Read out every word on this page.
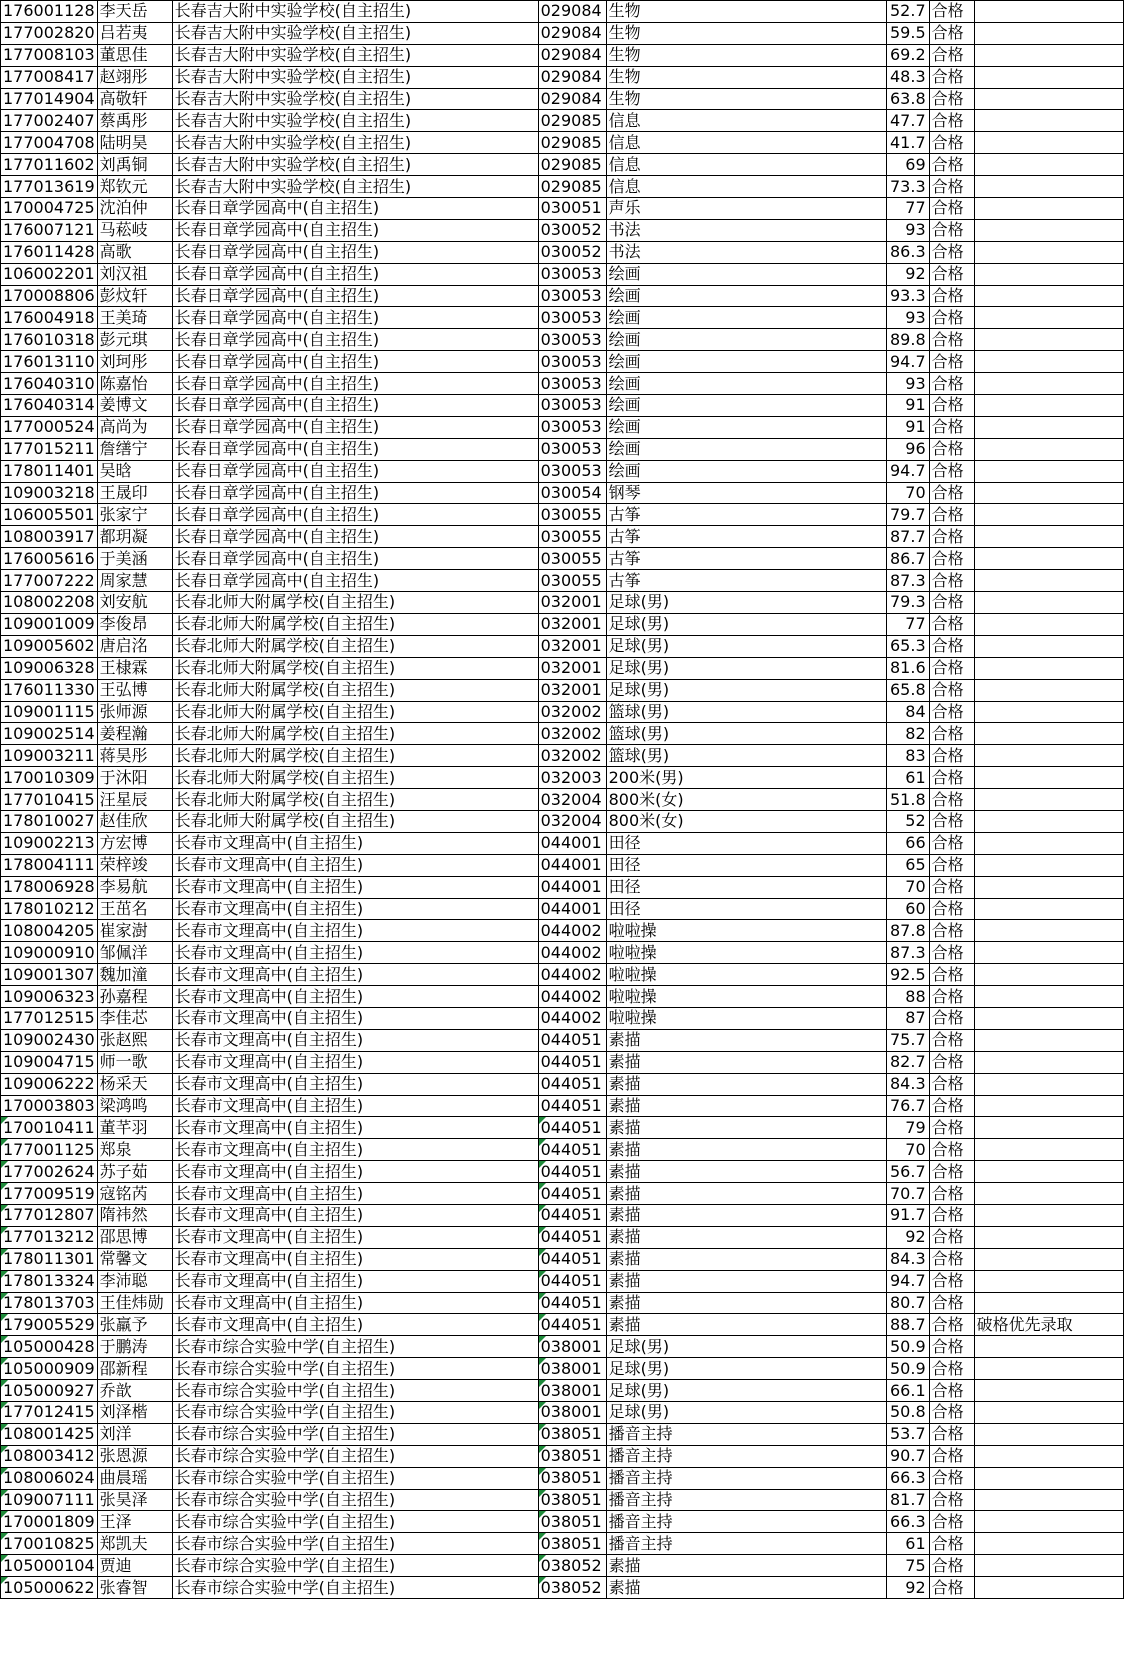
176001128	李天岳	长春吉大附中实验学校(自主招生)	029084	生物	52.7	合格	
177002820	吕若夷	长春吉大附中实验学校(自主招生)	029084	生物	59.5	合格	
177008103	董思佳	长春吉大附中实验学校(自主招生)	029084	生物	69.2	合格	
177008417	赵翊彤	长春吉大附中实验学校(自主招生)	029084	生物	48.3	合格	
177014904	高敬轩	长春吉大附中实验学校(自主招生)	029084	生物	63.8	合格	
177002407	蔡禹彤	长春吉大附中实验学校(自主招生)	029085	信息	47.7	合格	
177004708	陆明昊	长春吉大附中实验学校(自主招生)	029085	信息	41.7	合格	
177011602	刘禹铜	长春吉大附中实验学校(自主招生)	029085	信息	69	合格	
177013619	郑钦元	长春吉大附中实验学校(自主招生)	029085	信息	73.3	合格	
170004725	沈泊仲	长春日章学园高中(自主招生)	030051	声乐	77	合格	
176007121	马菘岐	长春日章学园高中(自主招生)	030052	书法	93	合格	
176011428	高歌	长春日章学园高中(自主招生)	030052	书法	86.3	合格	
106002201	刘汉祖	长春日章学园高中(自主招生)	030053	绘画	92	合格	
170008806	彭炆轩	长春日章学园高中(自主招生)	030053	绘画	93.3	合格	
176004918	王美琦	长春日章学园高中(自主招生)	030053	绘画	93	合格	
176010318	彭元琪	长春日章学园高中(自主招生)	030053	绘画	89.8	合格	
176013110	刘珂彤	长春日章学园高中(自主招生)	030053	绘画	94.7	合格	
176040310	陈嘉怡	长春日章学园高中(自主招生)	030053	绘画	93	合格	
176040314	姜博文	长春日章学园高中(自主招生)	030053	绘画	91	合格	
177000524	高尚为	长春日章学园高中(自主招生)	030053	绘画	91	合格	
177015211	詹缮宁	长春日章学园高中(自主招生)	030053	绘画	96	合格	
178011401	吴晗	长春日章学园高中(自主招生)	030053	绘画	94.7	合格	
109003218	王晟印	长春日章学园高中(自主招生)	030054	钢琴	70	合格	
106005501	张家宁	长春日章学园高中(自主招生)	030055	古筝	79.7	合格	
108003917	都玥凝	长春日章学园高中(自主招生)	030055	古筝	87.7	合格	
176005616	于美涵	长春日章学园高中(自主招生)	030055	古筝	86.7	合格	
177007222	周家慧	长春日章学园高中(自主招生)	030055	古筝	87.3	合格	
108002208	刘安航	长春北师大附属学校(自主招生)	032001	足球(男)	79.3	合格	
109001009	李俊昂	长春北师大附属学校(自主招生)	032001	足球(男)	77	合格	
109005602	唐启洺	长春北师大附属学校(自主招生)	032001	足球(男)	65.3	合格	
109006328	王棣霖	长春北师大附属学校(自主招生)	032001	足球(男)	81.6	合格	
176011330	王弘博	长春北师大附属学校(自主招生)	032001	足球(男)	65.8	合格	
109001115	张师源	长春北师大附属学校(自主招生)	032002	篮球(男)	84	合格	
109002514	姜程瀚	长春北师大附属学校(自主招生)	032002	篮球(男)	82	合格	
109003211	蒋昊彤	长春北师大附属学校(自主招生)	032002	篮球(男)	83	合格	
170010309	于沐阳	长春北师大附属学校(自主招生)	032003	200米(男)	61	合格	
177010415	汪星辰	长春北师大附属学校(自主招生)	032004	800米(女)	51.8	合格	
178010027	赵佳欣	长春北师大附属学校(自主招生)	032004	800米(女)	52	合格	
109002213	方宏博	长春市文理高中(自主招生)	044001	田径	66	合格	
178004111	荣梓竣	长春市文理高中(自主招生)	044001	田径	65	合格	
178006928	李易航	长春市文理高中(自主招生)	044001	田径	70	合格	
178010212	王茁名	长春市文理高中(自主招生)	044001	田径	60	合格	
108004205	崔家澍	长春市文理高中(自主招生)	044002	啦啦操	87.8	合格	
109000910	邹佩洋	长春市文理高中(自主招生)	044002	啦啦操	87.3	合格	
109001307	魏加潼	长春市文理高中(自主招生)	044002	啦啦操	92.5	合格	
109006323	孙嘉程	长春市文理高中(自主招生)	044002	啦啦操	88	合格	
177012515	李佳芯	长春市文理高中(自主招生)	044002	啦啦操	87	合格	
109002430	张赵熙	长春市文理高中(自主招生)	044051	素描	75.7	合格	
109004715	师一歌	长春市文理高中(自主招生)	044051	素描	82.7	合格	
109006222	杨采天	长春市文理高中(自主招生)	044051	素描	84.3	合格	
170003803	梁鸿鸣	长春市文理高中(自主招生)	044051	素描	76.7	合格	
170010411	董芊羽	长春市文理高中(自主招生)	044051	素描	79	合格	
177001125	郑泉	长春市文理高中(自主招生)	044051	素描	70	合格	
177002624	苏子茹	长春市文理高中(自主招生)	044051	素描	56.7	合格	
177009519	寇铭芮	长春市文理高中(自主招生)	044051	素描	70.7	合格	
177012807	隋祎然	长春市文理高中(自主招生)	044051	素描	91.7	合格	
177013212	邵思博	长春市文理高中(自主招生)	044051	素描	92	合格	
178011301	常馨文	长春市文理高中(自主招生)	044051	素描	84.3	合格	
178013324	李沛聪	长春市文理高中(自主招生)	044051	素描	94.7	合格	
178013703	王佳炜勋	长春市文理高中(自主招生)	044051	素描	80.7	合格	
179005529	张羸予	长春市文理高中(自主招生)	044051	素描	88.7	合格	破格优先录取
105000428	于鹏涛	长春市综合实验中学(自主招生)	038001	足球(男)	50.9	合格	
105000909	邵新程	长春市综合实验中学(自主招生)	038001	足球(男)	50.9	合格	
105000927	乔歆	长春市综合实验中学(自主招生)	038001	足球(男)	66.1	合格	
177012415	刘泽楷	长春市综合实验中学(自主招生)	038001	足球(男)	50.8	合格	
108001425	刘洋	长春市综合实验中学(自主招生)	038051	播音主持	53.7	合格	
108003412	张恩源	长春市综合实验中学(自主招生)	038051	播音主持	90.7	合格	
108006024	曲晨瑶	长春市综合实验中学(自主招生)	038051	播音主持	66.3	合格	
109007111	张昊泽	长春市综合实验中学(自主招生)	038051	播音主持	81.7	合格	
170001809	王泽	长春市综合实验中学(自主招生)	038051	播音主持	66.3	合格	
170010825	郑凯夫	长春市综合实验中学(自主招生)	038051	播音主持	61	合格	
105000104	贾迪	长春市综合实验中学(自主招生)	038052	素描	75	合格	
105000622	张睿智	长春市综合实验中学(自主招生)	038052	素描	92	合格	
